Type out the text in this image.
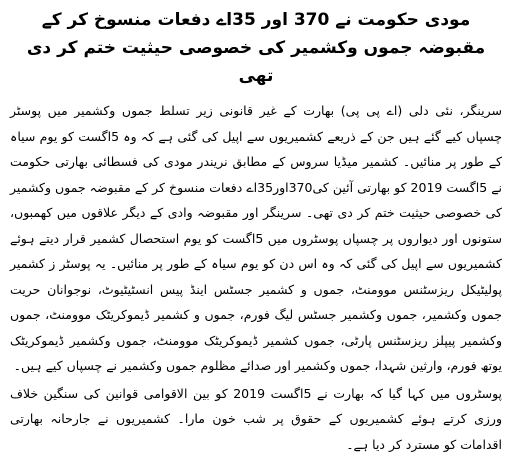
مودی حکومت نے 370 اور 35اے دفعات منسوخ کر کے مقبوضہ جموں وکشمیر کی خصوصی حیثیت ختم کر دی تھی

سرینگر، نئی دلی (اے پی پی) بھارت کے غیر قانونی زیر تسلط جموں وکشمیر میں پوسٹر چسپاں کیے گئے ہیں جن کے ذریعے کشمیریوں سے اپیل کی گئی ہے کہ وہ 5اگست کو یوم سیاہ کے طور پر منائیں۔ کشمیر میڈیا سروس کے مطابق نریندر مودی کی فسطائی بھارتی حکومت نے 5اگست 2019 کو بھارتی آئین کی370اور35اے دفعات منسوخ کر کے مقبوضہ جموں وکشمیر کی خصوصی حیثیت ختم کر دی تھی۔ سرینگر اور مقبوضہ وادی کے دیگر علاقوں میں کھمبوں، ستونوں اور دیواروں پر چسپاں پوسٹروں میں 5اگست کو یوم استحصال کشمیر قرار دیتے ہوئے کشمیریوں سے اپیل کی گئی کہ وہ اس دن کو یوم سیاہ کے طور پر منائیں۔ یہ پوسٹر ز کشمیر پولیٹیکل ریزسٹنس موومنٹ، جموں و کشمیر جسٹس اینڈ پیس انسٹیٹیوٹ، نوجوانان حریت جموں وکشمیر، جموں وکشمیر جسٹس لیگ فورم، جموں و کشمیر ڈیموکریٹک موومنٹ، جموں وکشمیر پیپلز ریزسٹنس پارٹی، جموں کشمیر ڈیموکریٹک موومنٹ، جموں وکشمیر ڈیموکریٹک یوتھ فورم، وارثین شہدا، جموں وکشمیر اور صدائے مظلوم جموں وکشمیر نے چسپاں کیے ہیں۔

پوسٹروں میں کہا گیا کہ بھارت نے 5اگست 2019 کو بین الاقوامی قوانین کی سنگین خلاف ورزی کرتے ہوئے کشمیریوں کے حقوق پر شب خون مارا۔ کشمیریوں نے جارحانہ بھارتی اقدامات کو مسترد کر دیا ہے۔
